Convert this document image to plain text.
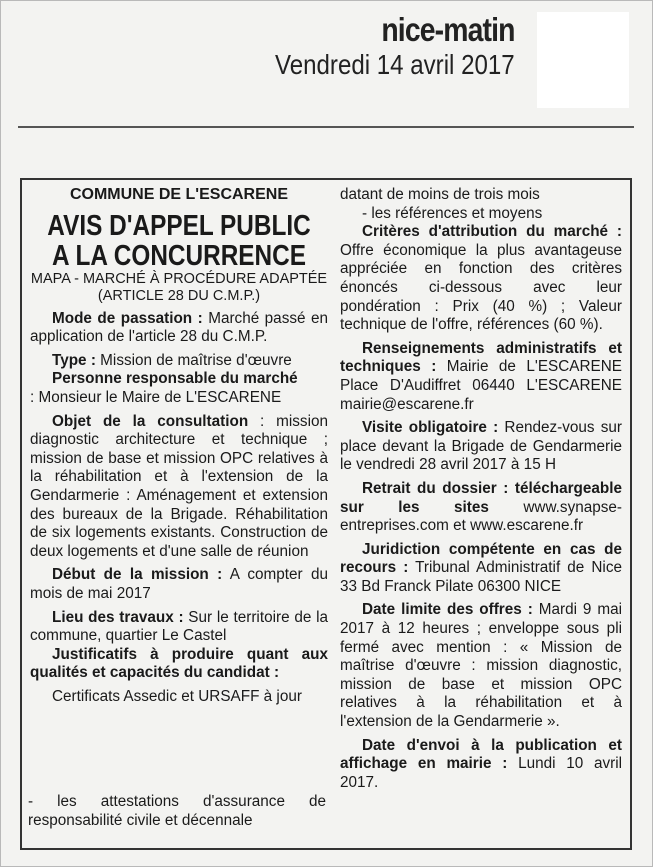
nice-matin
Vendredi 14 avril 2017
COMMUNE DE L'ESCARENE
AVIS D'APPEL PUBLIC
A LA CONCURRENCE
MAPA - MARCHÉ À PROCÉDURE ADAPTÉE
(ARTICLE 28 DU C.M.P.)

Mode de passation : Marché passé en application de l'article 28 du C.M.P.

Type : Mission de maîtrise d'œuvre

Personne responsable du marché
: Monsieur le Maire de L'ESCARENE

Objet de la consultation : mission diagnostic architecture et technique ; mission de base et mission OPC relatives à la réhabilitation et à l'extension de la Gendarmerie : Aménagement et extension des bureaux de la Brigade. Réhabilitation de six logements existants. Construction de deux logements et d'une salle de réunion

Début de la mission : A compter du mois de mai 2017

Lieu des travaux : Sur le territoire de la commune, quartier Le Castel

Justificatifs à produire quant aux qualités et capacités du candidat :

Certificats Assedic et URSAFF à jour

- les attestations d'assurance de responsabilité civile et décennale

datant de moins de trois mois

- les références et moyens

Critères d'attribution du marché : Offre économique la plus avantageuse appréciée en fonction des critères énoncés ci-dessous avec leur pondération : Prix (40 %) ; Valeur technique de l'offre, références (60 %).

Renseignements administratifs et techniques : Mairie de L'ESCARENE Place D'Audiffret 06440 L'ESCARENE mairie@escarene.fr

Visite obligatoire : Rendez-vous sur place devant la Brigade de Gendarmerie le vendredi 28 avril 2017 à 15 H

Retrait du dossier : téléchargeable sur les sites www.synapse-entreprises.com et www.escarene.fr

Juridiction compétente en cas de recours : Tribunal Administratif de Nice 33 Bd Franck Pilate 06300 NICE

Date limite des offres : Mardi 9 mai 2017 à 12 heures ; enveloppe sous pli fermé avec mention : « Mission de maîtrise d'œuvre : mission diagnostic, mission de base et mission OPC relatives à la réhabilitation et à l'extension de la Gendarmerie ».

Date d'envoi à la publication et affichage en mairie : Lundi 10 avril 2017.
